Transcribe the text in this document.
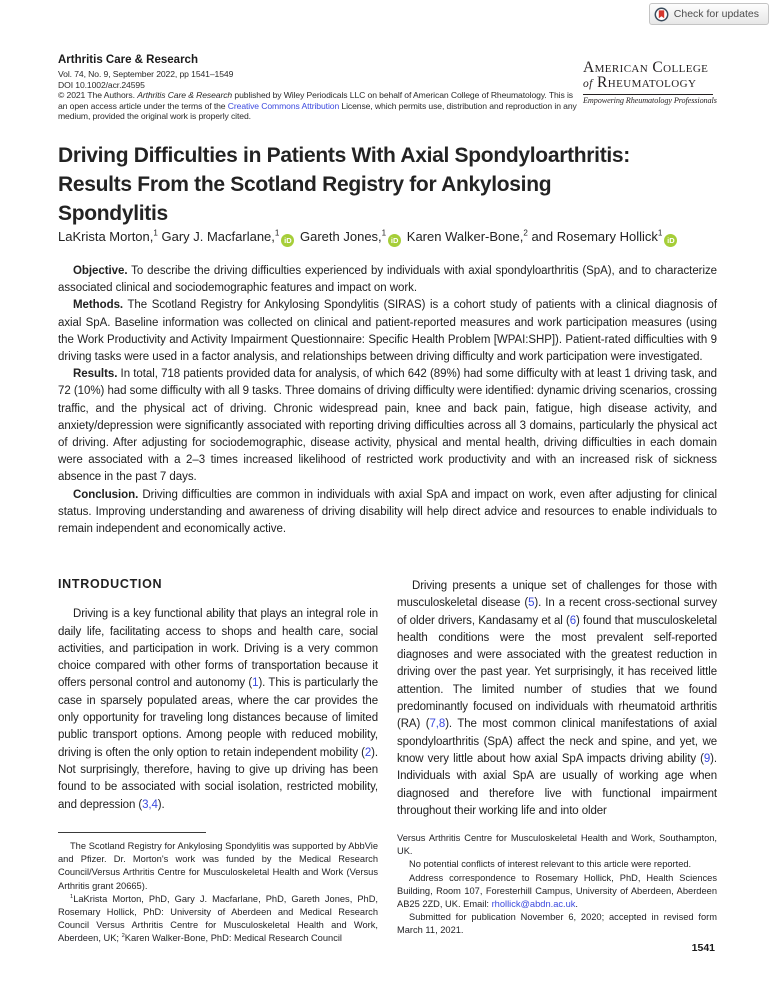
Check for updates
Arthritis Care & Research
Vol. 74, No. 9, September 2022, pp 1541–1549
DOI 10.1002/acr.24595
© 2021 The Authors. Arthritis Care & Research published by Wiley Periodicals LLC on behalf of American College of Rheumatology. This is an open access article under the terms of the Creative Commons Attribution License, which permits use, distribution and reproduction in any medium, provided the original work is properly cited.
American College
of Rheumatology
Empowering Rheumatology Professionals
Driving Difficulties in Patients With Axial Spondyloarthritis:
Results From the Scotland Registry for Ankylosing
Spondylitis
LaKrista Morton,$^1$ Gary J. Macfarlane,$^1$iD Gareth Jones,$^1$iD Karen Walker-Bone,$^2$ and Rosemary Hollick$^1$iD

Objective. To describe the driving difficulties experienced by individuals with axial spondyloarthritis (SpA), and to characterize associated clinical and sociodemographic features and impact on work.

Methods. The Scotland Registry for Ankylosing Spondylitis (SIRAS) is a cohort study of patients with a clinical diagnosis of axial SpA. Baseline information was collected on clinical and patient-reported measures and work participation measures (using the Work Productivity and Activity Impairment Questionnaire: Specific Health Problem [WPAI:SHP]). Patient-rated difficulties with 9 driving tasks were used in a factor analysis, and relationships between driving difficulty and work participation were investigated.

Results. In total, 718 patients provided data for analysis, of which 642 (89%) had some difficulty with at least 1 driving task, and 72 (10%) had some difficulty with all 9 tasks. Three domains of driving difficulty were identified: dynamic driving scenarios, crossing traffic, and the physical act of driving. Chronic widespread pain, knee and back pain, fatigue, high disease activity, and anxiety/depression were significantly associated with reporting driving difficulties across all 3 domains, particularly the physical act of driving. After adjusting for sociodemographic, disease activity, physical and mental health, driving difficulties in each domain were associated with a 2–3 times increased likelihood of restricted work productivity and with an increased risk of sickness absence in the past 7 days.

Conclusion. Driving difficulties are common in individuals with axial SpA and impact on work, even after adjusting for clinical status. Improving understanding and awareness of driving disability will help direct advice and resources to enable individuals to remain independent and economically active.

INTRODUCTION

Driving is a key functional ability that plays an integral role in daily life, facilitating access to shops and health care, social activities, and participation in work. Driving is a very common choice compared with other forms of transportation because it offers personal control and autonomy (1). This is particularly the case in sparsely populated areas, where the car provides the only opportunity for traveling long distances because of limited public transport options. Among people with reduced mobility, driving is often the only option to retain independent mobility (2). Not surprisingly, therefore, having to give up driving has been found to be associated with social isolation, restricted mobility, and depression (3,4).

Driving presents a unique set of challenges for those with musculoskeletal disease (5). In a recent cross-sectional survey of older drivers, Kandasamy et al (6) found that musculoskeletal health conditions were the most prevalent self-reported diagnoses and were associated with the greatest reduction in driving over the past year. Yet surprisingly, it has received little attention. The limited number of studies that we found predominantly focused on individuals with rheumatoid arthritis (RA) (7,8). The most common clinical manifestations of axial spondyloarthritis (SpA) affect the neck and spine, and yet, we know very little about how axial SpA impacts driving ability (9). Individuals with axial SpA are usually of working age when diagnosed and therefore live with functional impairment throughout their working life and into older

The Scotland Registry for Ankylosing Spondylitis was supported by AbbVie and Pfizer. Dr. Morton's work was funded by the Medical Research Council/Versus Arthritis Centre for Musculoskeletal Health and Work (Versus Arthritis grant 20665).
$^1$LaKrista Morton, PhD, Gary J. Macfarlane, PhD, Gareth Jones, PhD, Rosemary Hollick, PhD: University of Aberdeen and Medical Research Council Versus Arthritis Centre for Musculoskeletal Health and Work, Aberdeen, UK; $^2$Karen Walker-Bone, PhD: Medical Research Council
Versus Arthritis Centre for Musculoskeletal Health and Work, Southampton, UK.
No potential conflicts of interest relevant to this article were reported.
Address correspondence to Rosemary Hollick, PhD, Health Sciences Building, Room 107, Foresterhill Campus, University of Aberdeen, Aberdeen AB25 2ZD, UK. Email: rhollick@abdn.ac.uk.
Submitted for publication November 6, 2020; accepted in revised form March 11, 2021.
1541
